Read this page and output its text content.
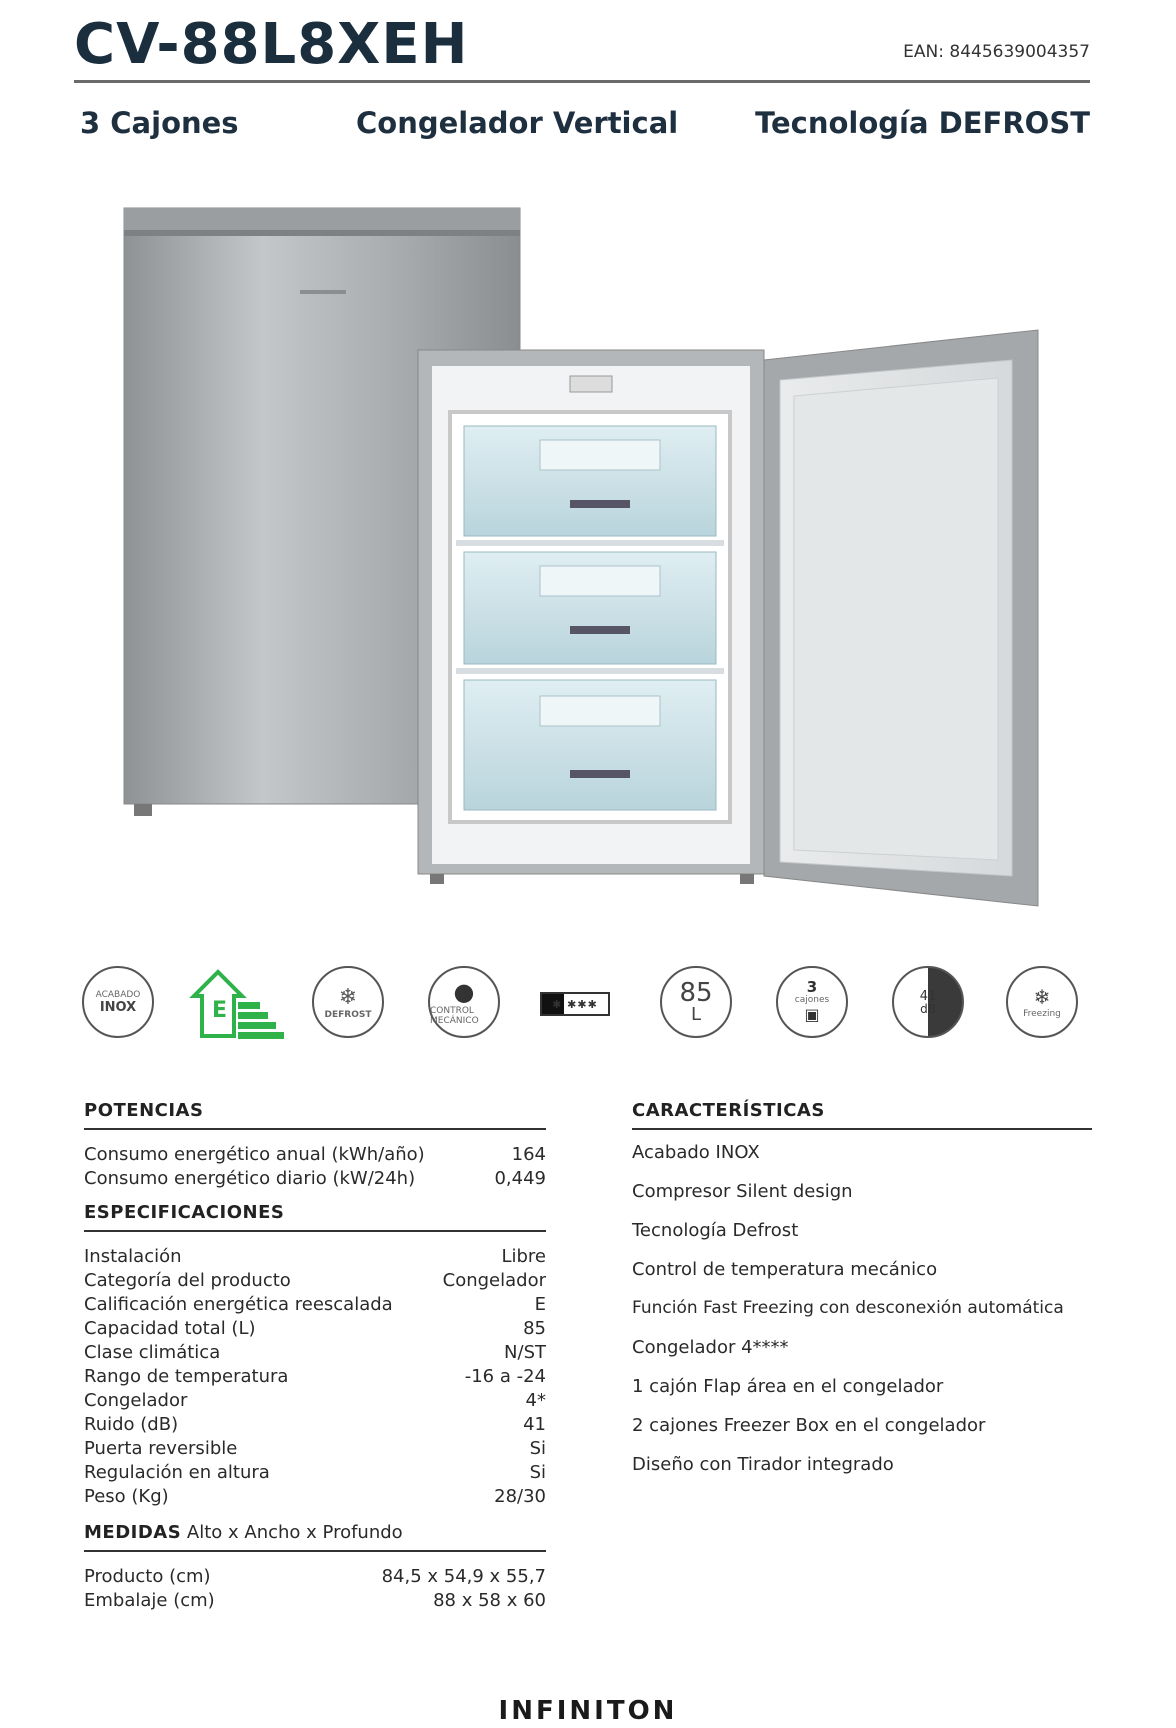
CV-88L8XEH	EAN: 8445639004357
3 Cajones	Congelador Vertical	Tecnología DEFROST
ACABADO
INOX	E
❄
DEFROST
●
CONTROL MECÁNICO
✱ ✱✱✱	85
L
3
cajones
▣
41
dB	❄
Freezing
POTENCIAS
Consumo energético anual (kWh/año)	164
Consumo energético diario (kW/24h)	0,449
ESPECIFICACIONES
Instalación	Libre
Categoría del producto	Congelador
Calificación energética reescalada	E
Capacidad total (L)	85
Clase climática	N/ST
Rango de temperatura	-16 a -24
Congelador	4*
Ruido (dB)	41
Puerta reversible	Si
Regulación en altura	Si
Peso (Kg)	28/30
MEDIDAS Alto x Ancho x Profundo
Producto (cm)	84,5 x 54,9 x 55,7
Embalaje (cm)	88 x 58 x 60
CARACTERÍSTICAS
Acabado INOX
Compresor Silent design
Tecnología Defrost
Control de temperatura mecánico
Función Fast Freezing con desconexión automática
Congelador 4****
1 cajón Flap área en el congelador
2 cajones Freezer Box en el congelador
Diseño con Tirador integrado
INFINITON
